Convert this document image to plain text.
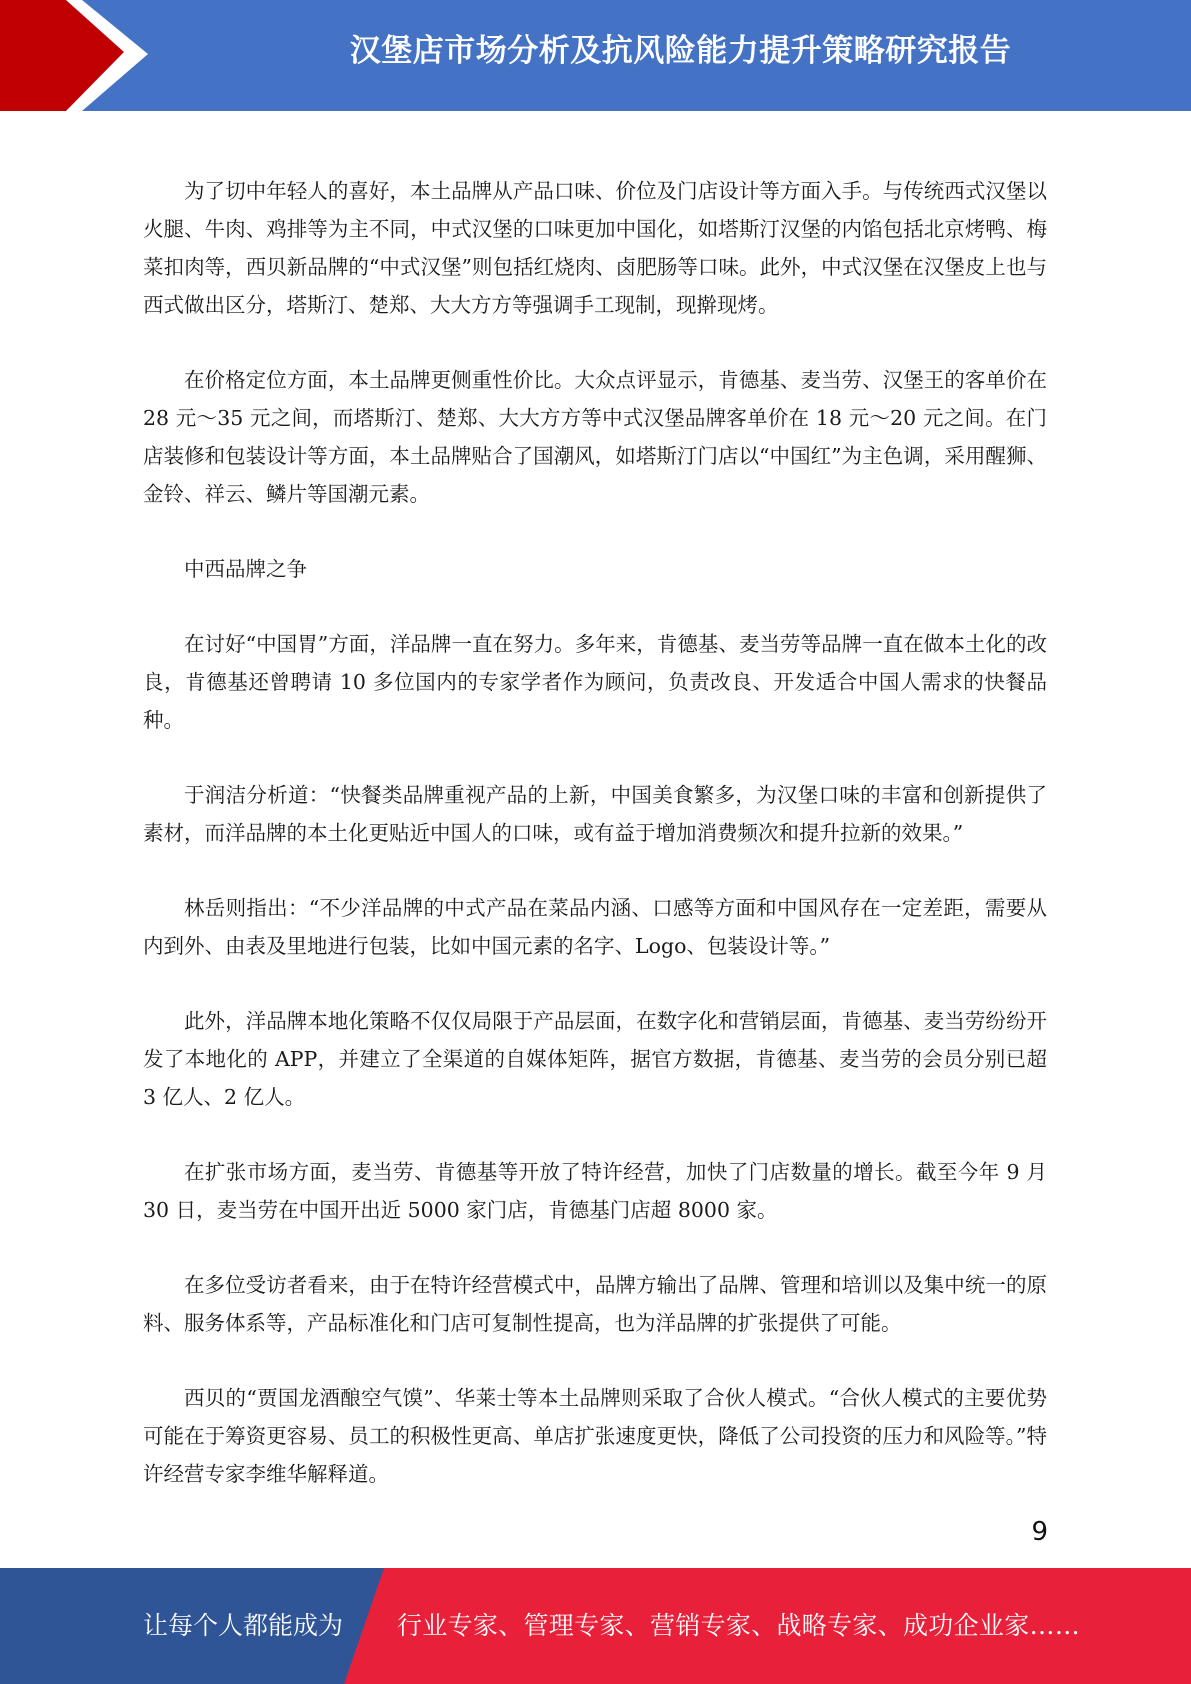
汉堡店市场分析及抗风险能力提升策略研究报告

为了切中年轻人的喜好，本土品牌从产品口味、价位及门店设计等方面入手。与传统西式汉堡以火腿、牛肉、鸡排等为主不同，中式汉堡的口味更加中国化，如塔斯汀汉堡的内馅包括北京烤鸭、梅菜扣肉等，西贝新品牌的“中式汉堡”则包括红烧肉、卤肥肠等口味。此外，中式汉堡在汉堡皮上也与西式做出区分，塔斯汀、楚郑、大大方方等强调手工现制，现擀现烤。

在价格定位方面，本土品牌更侧重性价比。大众点评显示，肯德基、麦当劳、汉堡王的客单价在 28 元～35 元之间，而塔斯汀、楚郑、大大方方等中式汉堡品牌客单价在 18 元～20 元之间。在门店装修和包装设计等方面，本土品牌贴合了国潮风，如塔斯汀门店以“中国红”为主色调，采用醒狮、金铃、祥云、鳞片等国潮元素。

中西品牌之争

在讨好“中国胃”方面，洋品牌一直在努力。多年来，肯德基、麦当劳等品牌一直在做本土化的改良，肯德基还曾聘请 10 多位国内的专家学者作为顾问，负责改良、开发适合中国人需求的快餐品种。

于润洁分析道：“快餐类品牌重视产品的上新，中国美食繁多，为汉堡口味的丰富和创新提供了素材，而洋品牌的本土化更贴近中国人的口味，或有益于增加消费频次和提升拉新的效果。”

林岳则指出：“不少洋品牌的中式产品在菜品内涵、口感等方面和中国风存在一定差距，需要从内到外、由表及里地进行包装，比如中国元素的名字、Logo、包装设计等。”

此外，洋品牌本地化策略不仅仅局限于产品层面，在数字化和营销层面，肯德基、麦当劳纷纷开发了本地化的 APP，并建立了全渠道的自媒体矩阵，据官方数据，肯德基、麦当劳的会员分别已超 3 亿人、2 亿人。

在扩张市场方面，麦当劳、肯德基等开放了特许经营，加快了门店数量的增长。截至今年 9 月 30 日，麦当劳在中国开出近 5000 家门店，肯德基门店超 8000 家。

在多位受访者看来，由于在特许经营模式中，品牌方输出了品牌、管理和培训以及集中统一的原料、服务体系等，产品标准化和门店可复制性提高，也为洋品牌的扩张提供了可能。

西贝的“贾国龙酒酿空气馍”、华莱士等本土品牌则采取了合伙人模式。“合伙人模式的主要优势可能在于筹资更容易、员工的积极性更高、单店扩张速度更快，降低了公司投资的压力和风险等。”特许经营专家李维华解释道。

9
让每个人都能成为 行业专家、管理专家、营销专家、战略专家、成功企业家……
